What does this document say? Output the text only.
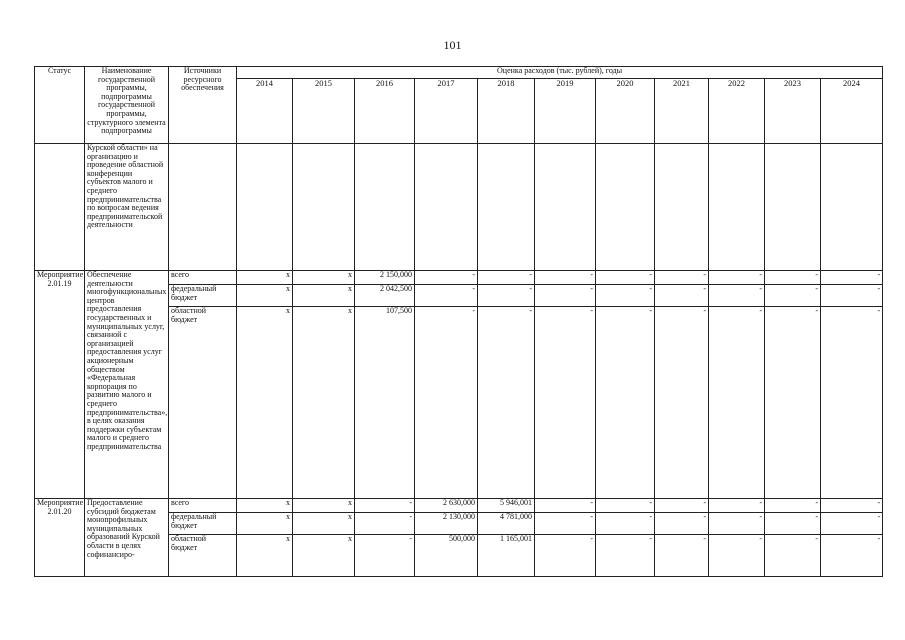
101
Статус	Наименование государственной программы, подпрограммы государственной программы, структурного элемента подпрограммы	Источники ресурсного обеспечения	Оценка расходов (тыс. рублей), годы										
			2014	2015	2016	2017	2018	2019	2020	2021	2022	2023	2024
	Курской области» на организацию и проведение областной конференции субъектов малого и среднего предпринимательства по вопросам ведения предпринимательской деятельности												
Мероприятие 2.01.19	Обеспечение деятельности многофункциональных центров предоставления государственных и муниципальных услуг, связанной с организацией предоставления услуг акционерным обществом «Федеральная корпорация по развитию малого и среднего предпринимательства», в целях оказания поддержки субъектам малого и среднего предпринимательства	всего	x	x	2 150,000	-	-	-	-	-	-	-	-
		федеральный бюджет	x	x	2 042,500	-	-	-	-	-	-	-	-
		областной бюджет	x	x	107,500	-	-	-	-	-	-	-	-
Мероприятие 2.01.20	Предоставление субсидий бюджетам монопрофильных муниципальных образований Курской области в целях софинансиро-	всего	x	x	-	2 630,000	5 946,001	-	-	-	-	-	-
		федеральный бюджет	x	x	-	2 130,000	4 781,000	-	-	-	-	-	-
		областной бюджет	x	x	-	500,000	1 165,001	-	-	-	-	-	-
